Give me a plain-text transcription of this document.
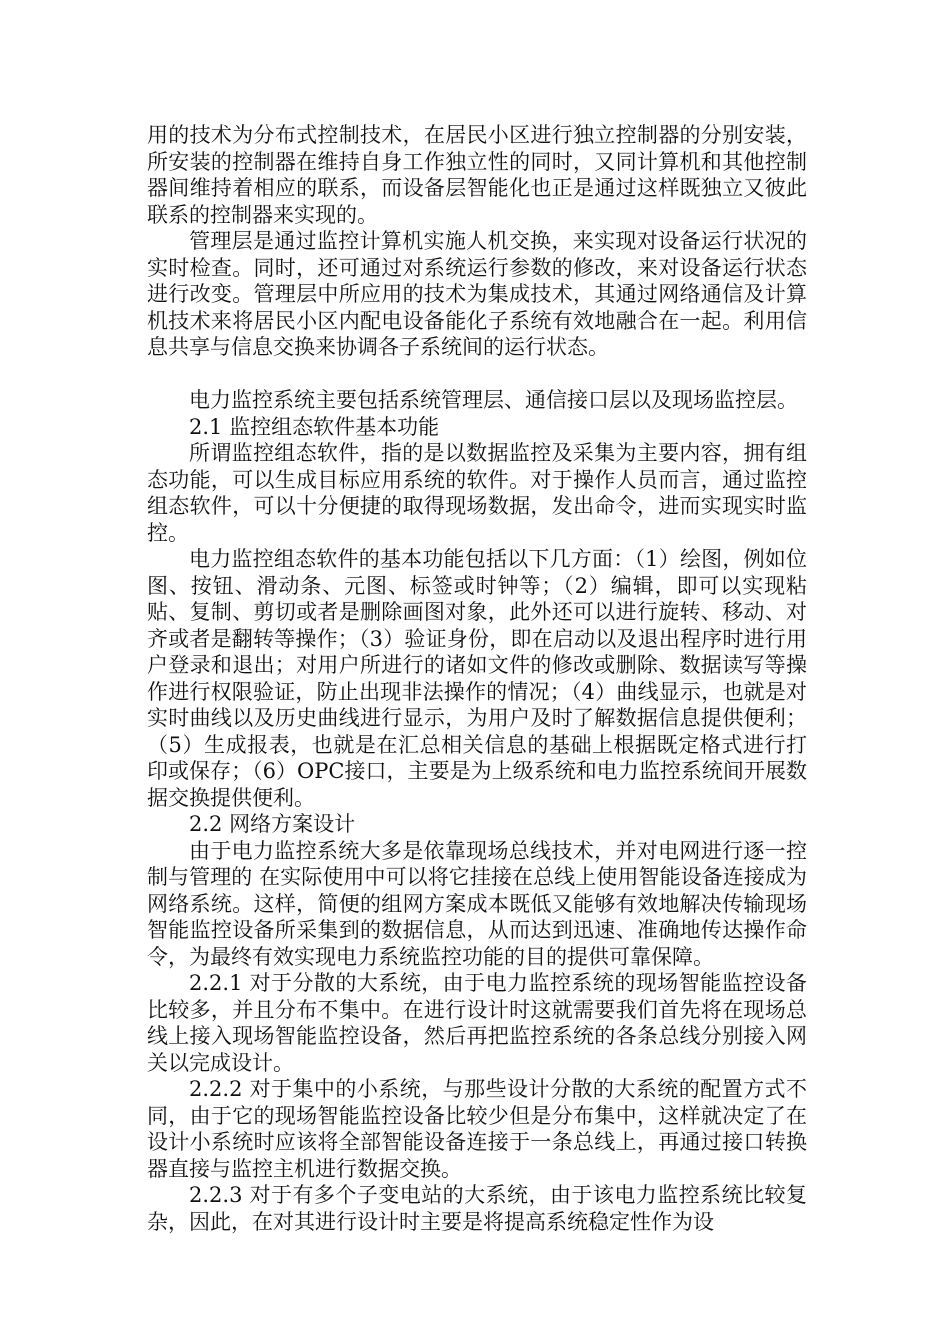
用的技术为分布式控制技术，在居民小区进行独立控制器的分别安装，所安装的控制器在维持自身工作独立性的同时，又同计算机和其他控制器间维持着相应的联系，而设备层智能化也正是通过这样既独立又彼此联系的控制器来实现的。

管理层是通过监控计算机实施人机交换，来实现对设备运行状况的实时检查。同时，还可通过对系统运行参数的修改，来对设备运行状态进行改变。管理层中所应用的技术为集成技术，其通过网络通信及计算机技术来将居民小区内配电设备能化子系统有效地融合在一起。利用信息共享与信息交换来协调各子系统间的运行状态。

电力监控系统主要包括系统管理层、通信接口层以及现场监控层。

2.1 监控组态软件基本功能

所谓监控组态软件，指的是以数据监控及采集为主要内容，拥有组态功能，可以生成目标应用系统的软件。对于操作人员而言，通过监控组态软件，可以十分便捷的取得现场数据，发出命令，进而实现实时监控。

电力监控组态软件的基本功能包括以下几方面：（1）绘图，例如位图、按钮、滑动条、元图、标签或时钟等；（2）编辑，即可以实现粘贴、复制、剪切或者是删除画图对象，此外还可以进行旋转、移动、对齐或者是翻转等操作；（3）验证身份，即在启动以及退出程序时进行用户登录和退出；对用户所进行的诸如文件的修改或删除、数据读写等操作进行权限验证，防止出现非法操作的情况；（4）曲线显示，也就是对实时曲线以及历史曲线进行显示，为用户及时了解数据信息提供便利；（5）生成报表，也就是在汇总相关信息的基础上根据既定格式进行打印或保存；（6）OPC接口，主要是为上级系统和电力监控系统间开展数据交换提供便利。

2.2 网络方案设计

由于电力监控系统大多是依靠现场总线技术，并对电网进行逐一控制与管理的 在实际使用中可以将它挂接在总线上使用智能设备连接成为网络系统。这样，简便的组网方案成本既低又能够有效地解决传输现场智能监控设备所采集到的数据信息，从而达到迅速、准确地传达操作命令，为最终有效实现电力系统监控功能的目的提供可靠保障。

2.2.1 对于分散的大系统，由于电力监控系统的现场智能监控设备比较多，并且分布不集中。在进行设计时这就需要我们首先将在现场总线上接入现场智能监控设备，然后再把监控系统的各条总线分别接入网关以完成设计。

2.2.2 对于集中的小系统，与那些设计分散的大系统的配置方式不同，由于它的现场智能监控设备比较少但是分布集中，这样就决定了在设计小系统时应该将全部智能设备连接于一条总线上，再通过接口转换器直接与监控主机进行数据交换。

2.2.3 对于有多个子变电站的大系统，由于该电力监控系统比较复杂，因此，在对其进行设计时主要是将提高系统稳定性作为设
